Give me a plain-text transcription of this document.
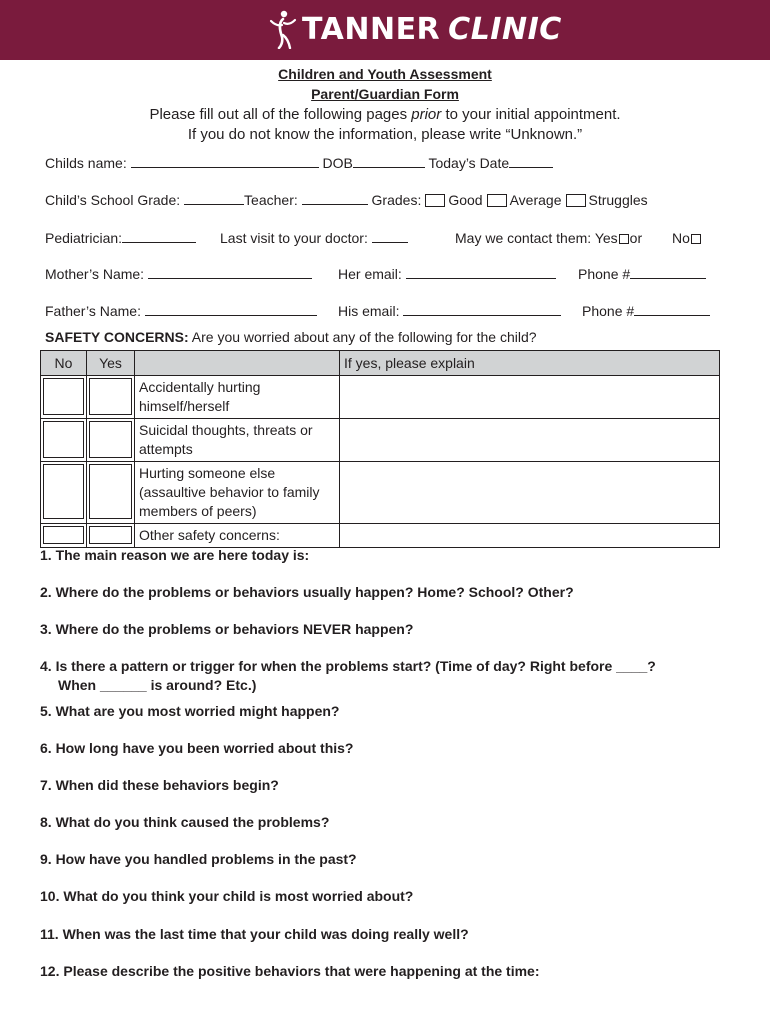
TANNER CLINIC
Children and Youth Assessment
Parent/Guardian Form
Please fill out all of the following pages prior to your initial appointment.
If you do not know the information, please write “Unknown.”
Childs name:	DOB	Today’s Date
Child’s School Grade:	Teacher:	Grades: Good Average Struggles
Pediatrician:	Last visit to your doctor:	May we contact them: Yes or No
Mother’s Name:	Her email:	Phone #
Father’s Name:	His email:	Phone #
SAFETY CONCERNS: Are you worried about any of the following for the child?
No	Yes		If yes, please explain

	Accidentally hurting himself/herself	

	Suicidal thoughts, threats or attempts	

	Hurting someone else (assaultive behavior to family members of peers)	

	Other safety concerns:	
1. The main reason we are here today is:
2. Where do the problems or behaviors usually happen? Home? School? Other?
3. Where do the problems or behaviors NEVER happen?
4. Is there a pattern or trigger for when the problems start? (Time of day? Right before ____?
When ______ is around? Etc.)
5. What are you most worried might happen?
6. How long have you been worried about this?
7. When did these behaviors begin?
8. What do you think caused the problems?
9. How have you handled problems in the past?
10. What do you think your child is most worried about?
11. When was the last time that your child was doing really well?
12. Please describe the positive behaviors that were happening at the time:
